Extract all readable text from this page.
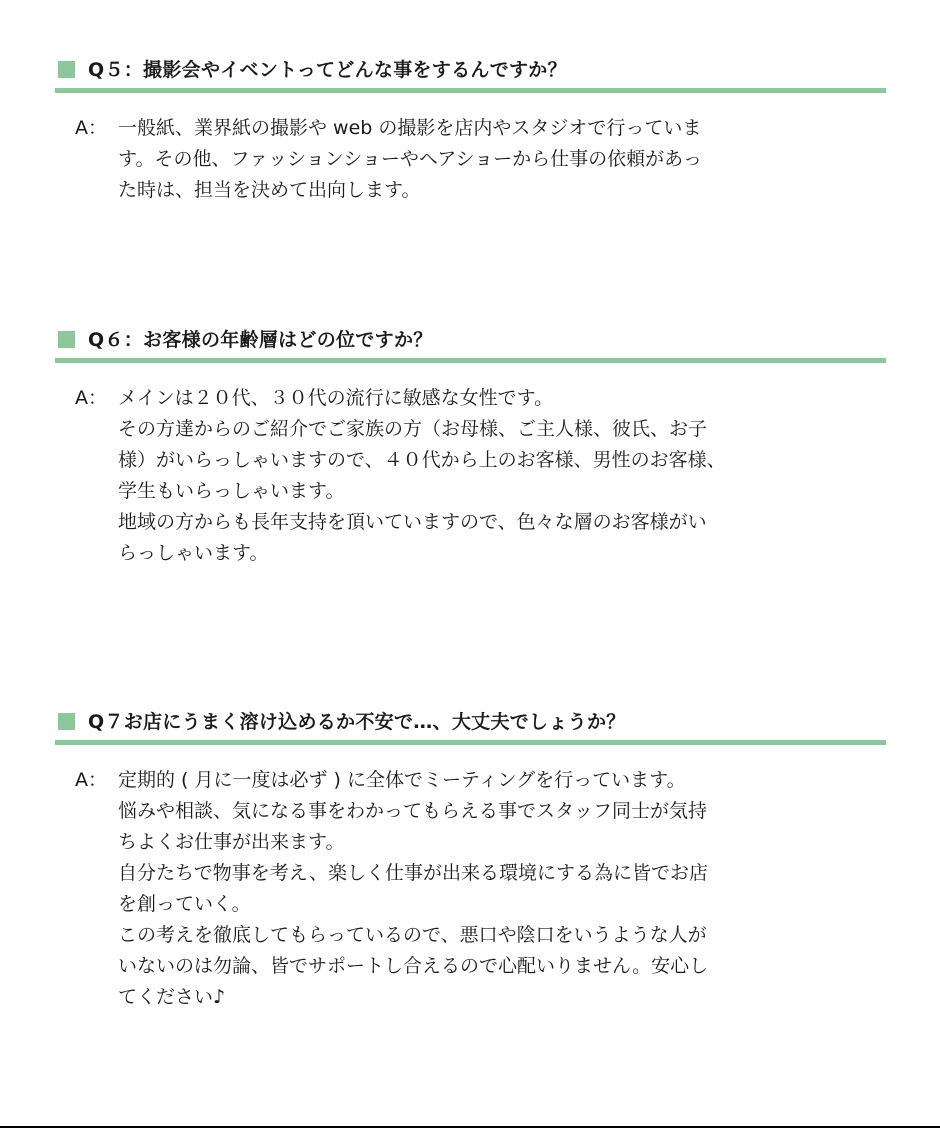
Q５：撮影会やイベントってどんな事をするんですか？
A： 一般紙、業界紙の撮影や web の撮影を店内やスタジオで行っていま
す。その他、ファッションショーやヘアショーから仕事の依頼があっ
た時は、担当を決めて出向します。
Q６：お客様の年齢層はどの位ですか？
A： メインは２０代、３０代の流行に敏感な女性です。
その方達からのご紹介でご家族の方（お母様、ご主人様、彼氏、お子
様）がいらっしゃいますので、４０代から上のお客様、男性のお客様、
学生もいらっしゃいます。
地域の方からも長年支持を頂いていますので、色々な層のお客様がい
らっしゃいます。
Q７お店にうまく溶け込めるか不安で…、大丈夫でしょうか？
A： 定期的 ( 月に一度は必ず ) に全体でミーティングを行っています。
悩みや相談、気になる事をわかってもらえる事でスタッフ同士が気持
ちよくお仕事が出来ます。
自分たちで物事を考え、楽しく仕事が出来る環境にする為に皆でお店
を創っていく。
この考えを徹底してもらっているので、悪口や陰口をいうような人が
いないのは勿論、皆でサポートし合えるので心配いりません。安心し
てください♪
